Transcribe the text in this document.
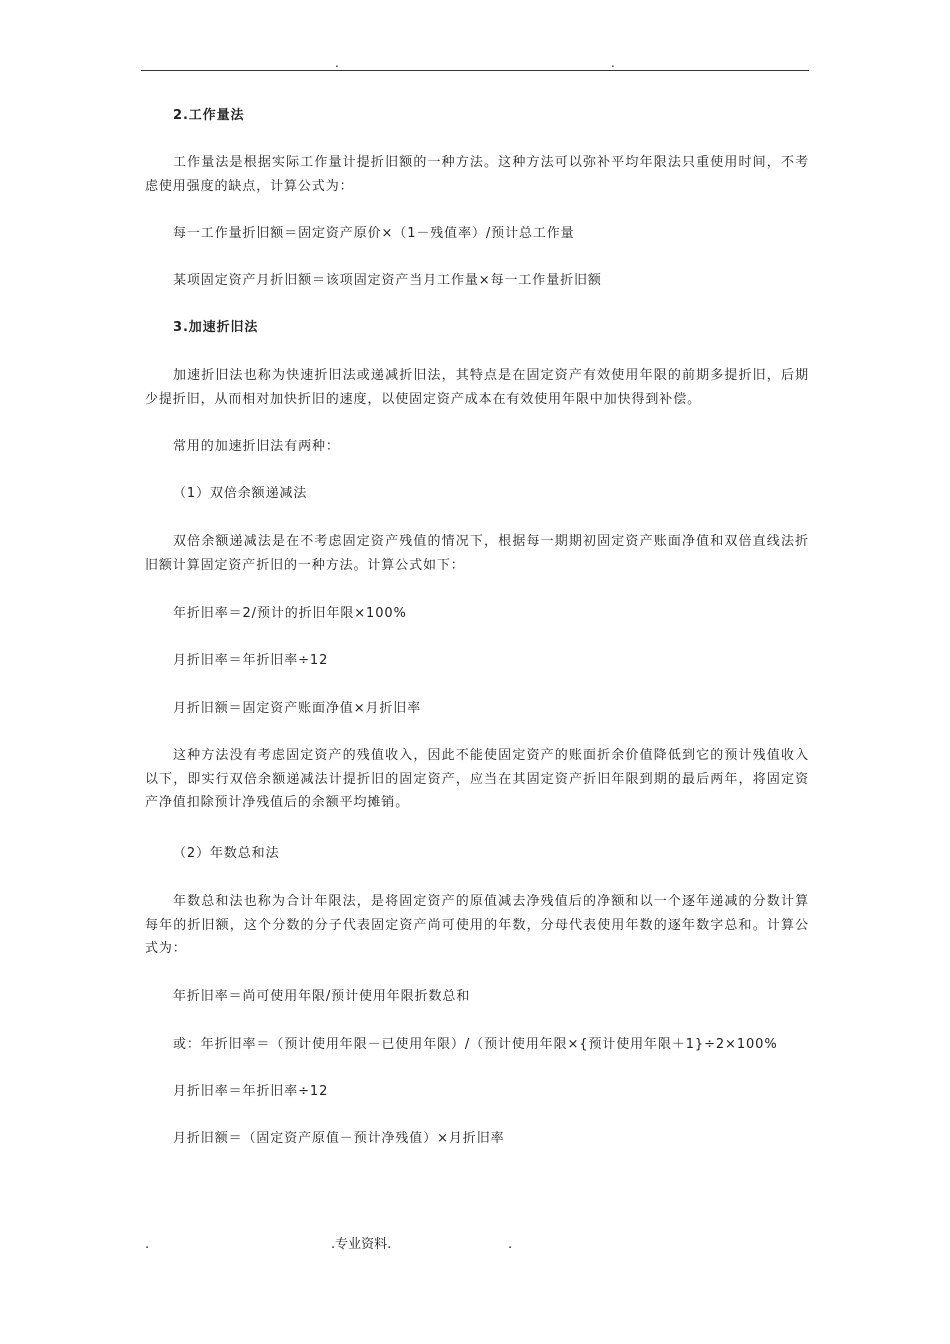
.	.
2.工作量法
工作量法是根据实际工作量计提折旧额的一种方法。这种方法可以弥补平均年限法只重使用时间，不考虑使用强度的缺点，计算公式为：
每一工作量折旧额＝固定资产原价×（1－残值率）/预计总工作量
某项固定资产月折旧额＝该项固定资产当月工作量×每一工作量折旧额
3.加速折旧法
加速折旧法也称为快速折旧法或递减折旧法，其特点是在固定资产有效使用年限的前期多提折旧，后期少提折旧，从而相对加快折旧的速度，以使固定资产成本在有效使用年限中加快得到补偿。
常用的加速折旧法有两种：
（1）双倍余额递减法
双倍余额递减法是在不考虑固定资产残值的情况下，根据每一期期初固定资产账面净值和双倍直线法折旧额计算固定资产折旧的一种方法。计算公式如下：
年折旧率＝2/预计的折旧年限×100%
月折旧率＝年折旧率÷12
月折旧额＝固定资产账面净值×月折旧率
这种方法没有考虑固定资产的残值收入，因此不能使固定资产的账面折余价值降低到它的预计残值收入以下，即实行双倍余额递减法计提折旧的固定资产，应当在其固定资产折旧年限到期的最后两年，将固定资产净值扣除预计净残值后的余额平均摊销。
（2）年数总和法
年数总和法也称为合计年限法，是将固定资产的原值减去净残值后的净额和以一个逐年递减的分数计算每年的折旧额，这个分数的分子代表固定资产尚可使用的年数，分母代表使用年数的逐年数字总和。计算公式为：
年折旧率＝尚可使用年限/预计使用年限折数总和
或：年折旧率＝（预计使用年限－已使用年限）/（预计使用年限×{预计使用年限＋1}÷2×100%
月折旧率＝年折旧率÷12
月折旧额＝（固定资产原值－预计净残值）×月折旧率
.	.专业资料.	.
